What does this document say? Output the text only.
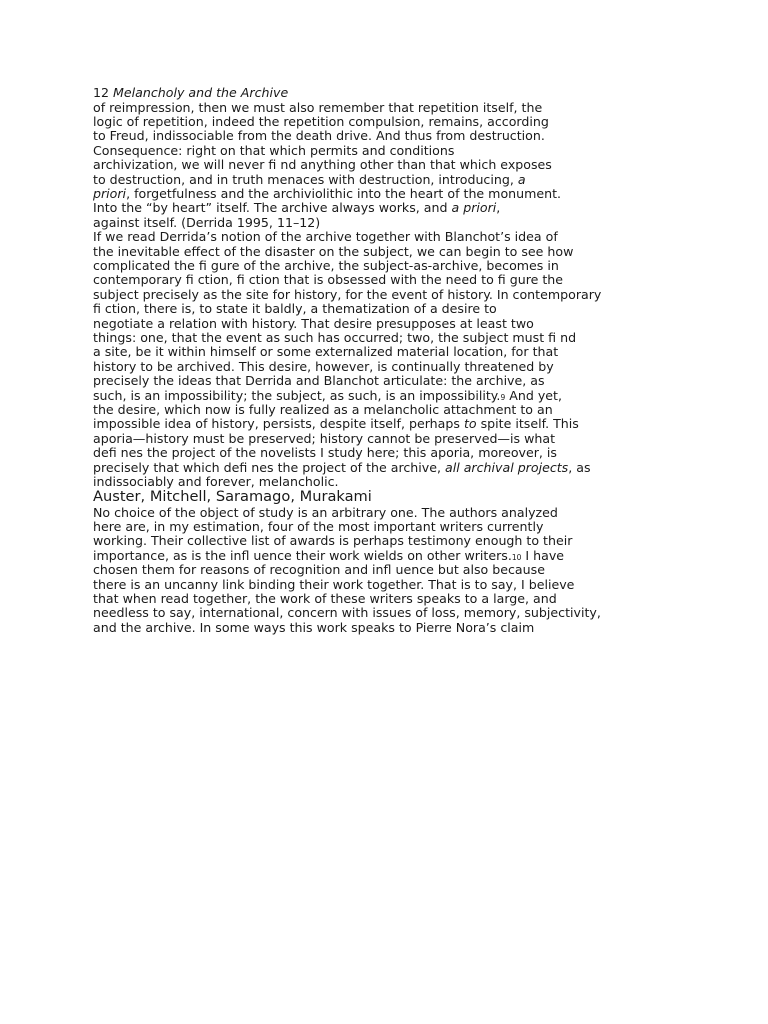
12 Melancholy and the Archive
of reimpression, then we must also remember that repetition itself, the
logic of repetition, indeed the repetition compulsion, remains, according
to Freud, indissociable from the death drive. And thus from destruction.
Consequence: right on that which permits and conditions
archivization, we will never ﬁ nd anything other than that which exposes
to destruction, and in truth menaces with destruction, introducing, a
priori, forgetfulness and the archiviolithic into the heart of the monument.
Into the “by heart” itself. The archive always works, and a priori,
against itself. (Derrida 1995, 11–12)
If we read Derrida’s notion of the archive together with Blanchot’s idea of
the inevitable effect of the disaster on the subject, we can begin to see how
complicated the ﬁ gure of the archive, the subject-as-archive, becomes in
contemporary ﬁ ction, ﬁ ction that is obsessed with the need to ﬁ gure the
subject precisely as the site for history, for the event of history. In contemporary
ﬁ ction, there is, to state it baldly, a thematization of a desire to
negotiate a relation with history. That desire presupposes at least two
things: one, that the event as such has occurred; two, the subject must ﬁ nd
a site, be it within himself or some externalized material location, for that
history to be archived. This desire, however, is continually threatened by
precisely the ideas that Derrida and Blanchot articulate: the archive, as
such, is an impossibility; the subject, as such, is an impossibility.9 And yet,
the desire, which now is fully realized as a melancholic attachment to an
impossible idea of history, persists, despite itself, perhaps to spite itself. This
aporia—history must be preserved; history cannot be preserved—is what
deﬁ nes the project of the novelists I study here; this aporia, moreover, is
precisely that which deﬁ nes the project of the archive, all archival projects, as
indissociably and forever, melancholic.
Auster, Mitchell, Saramago, Murakami
No choice of the object of study is an arbitrary one. The authors analyzed
here are, in my estimation, four of the most important writers currently
working. Their collective list of awards is perhaps testimony enough to their
importance, as is the inﬂ uence their work wields on other writers.10 I have
chosen them for reasons of recognition and inﬂ uence but also because
there is an uncanny link binding their work together. That is to say, I believe
that when read together, the work of these writers speaks to a large, and
needless to say, international, concern with issues of loss, memory, subjectivity,
and the archive. In some ways this work speaks to Pierre Nora’s claim
